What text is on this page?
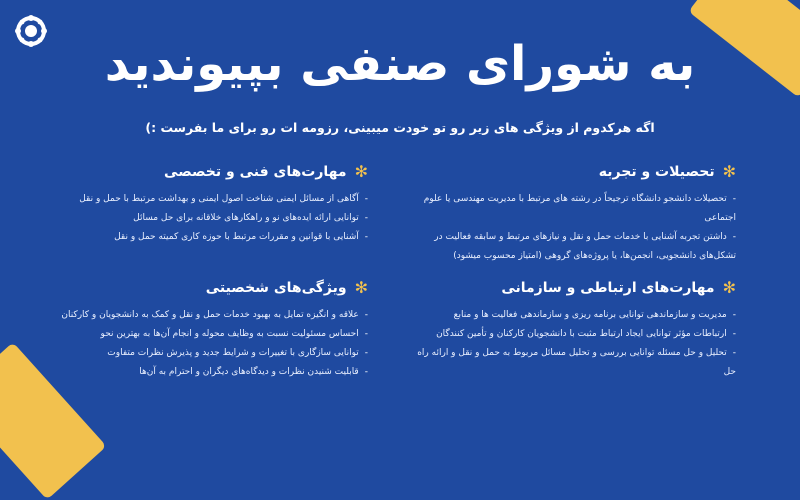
به شورای صنفی بپیوندید
اگه هرکدوم از ویژگی های زیر رو تو خودت میبینی، رزومه ات رو برای ما بفرست :)
✻
تحصیلات و تجربه
-تحصیلات دانشجو دانشگاه ترجیحاً در رشته های مرتبط با مدیریت مهندسی یا علوم اجتماعی
-داشتن تجربه آشنایی با خدمات حمل و نقل و نیازهای مرتبط و سابقه فعالیت در تشکل‌های دانشجویی، انجمن‌ها، یا پروژه‌های گروهی (امتیاز محسوب میشود)
✻
مهارت‌های فنی و تخصصی
-آگاهی از مسائل ایمنی شناخت اصول ایمنی و بهداشت مرتبط با حمل و نقل
-توانایی ارائه ایده‌های نو و راهکارهای خلاقانه برای حل مسائل
-آشنایی با قوانین و مقررات مرتبط با حوزه کاری کمیته حمل و نقل
✻
مهارت‌های ارتباطی و سازمانی
-مدیریت و سازماندهی توانایی برنامه ریزی و سازماندهی فعالیت ها و منابع
-ارتباطات مؤثر توانایی ایجاد ارتباط مثبت با دانشجویان کارکنان و تأمین کنندگان
-تحلیل و حل مسئله توانایی بررسی و تحلیل مسائل مربوط به حمل و نقل و ارائه راه حل
✻
ویژگی‌های شخصیتی
-علاقه و انگیزه تمایل به بهبود خدمات حمل و نقل و کمک به دانشجویان و کارکنان
-احساس مسئولیت نسبت به وظایف محوله و انجام آن‌ها به بهترین نحو
-توانایی سازگاری با تغییرات و شرایط جدید و پذیرش نظرات متفاوت
-قابلیت شنیدن نظرات و دیدگاه‌های دیگران و احترام به آن‌ها
